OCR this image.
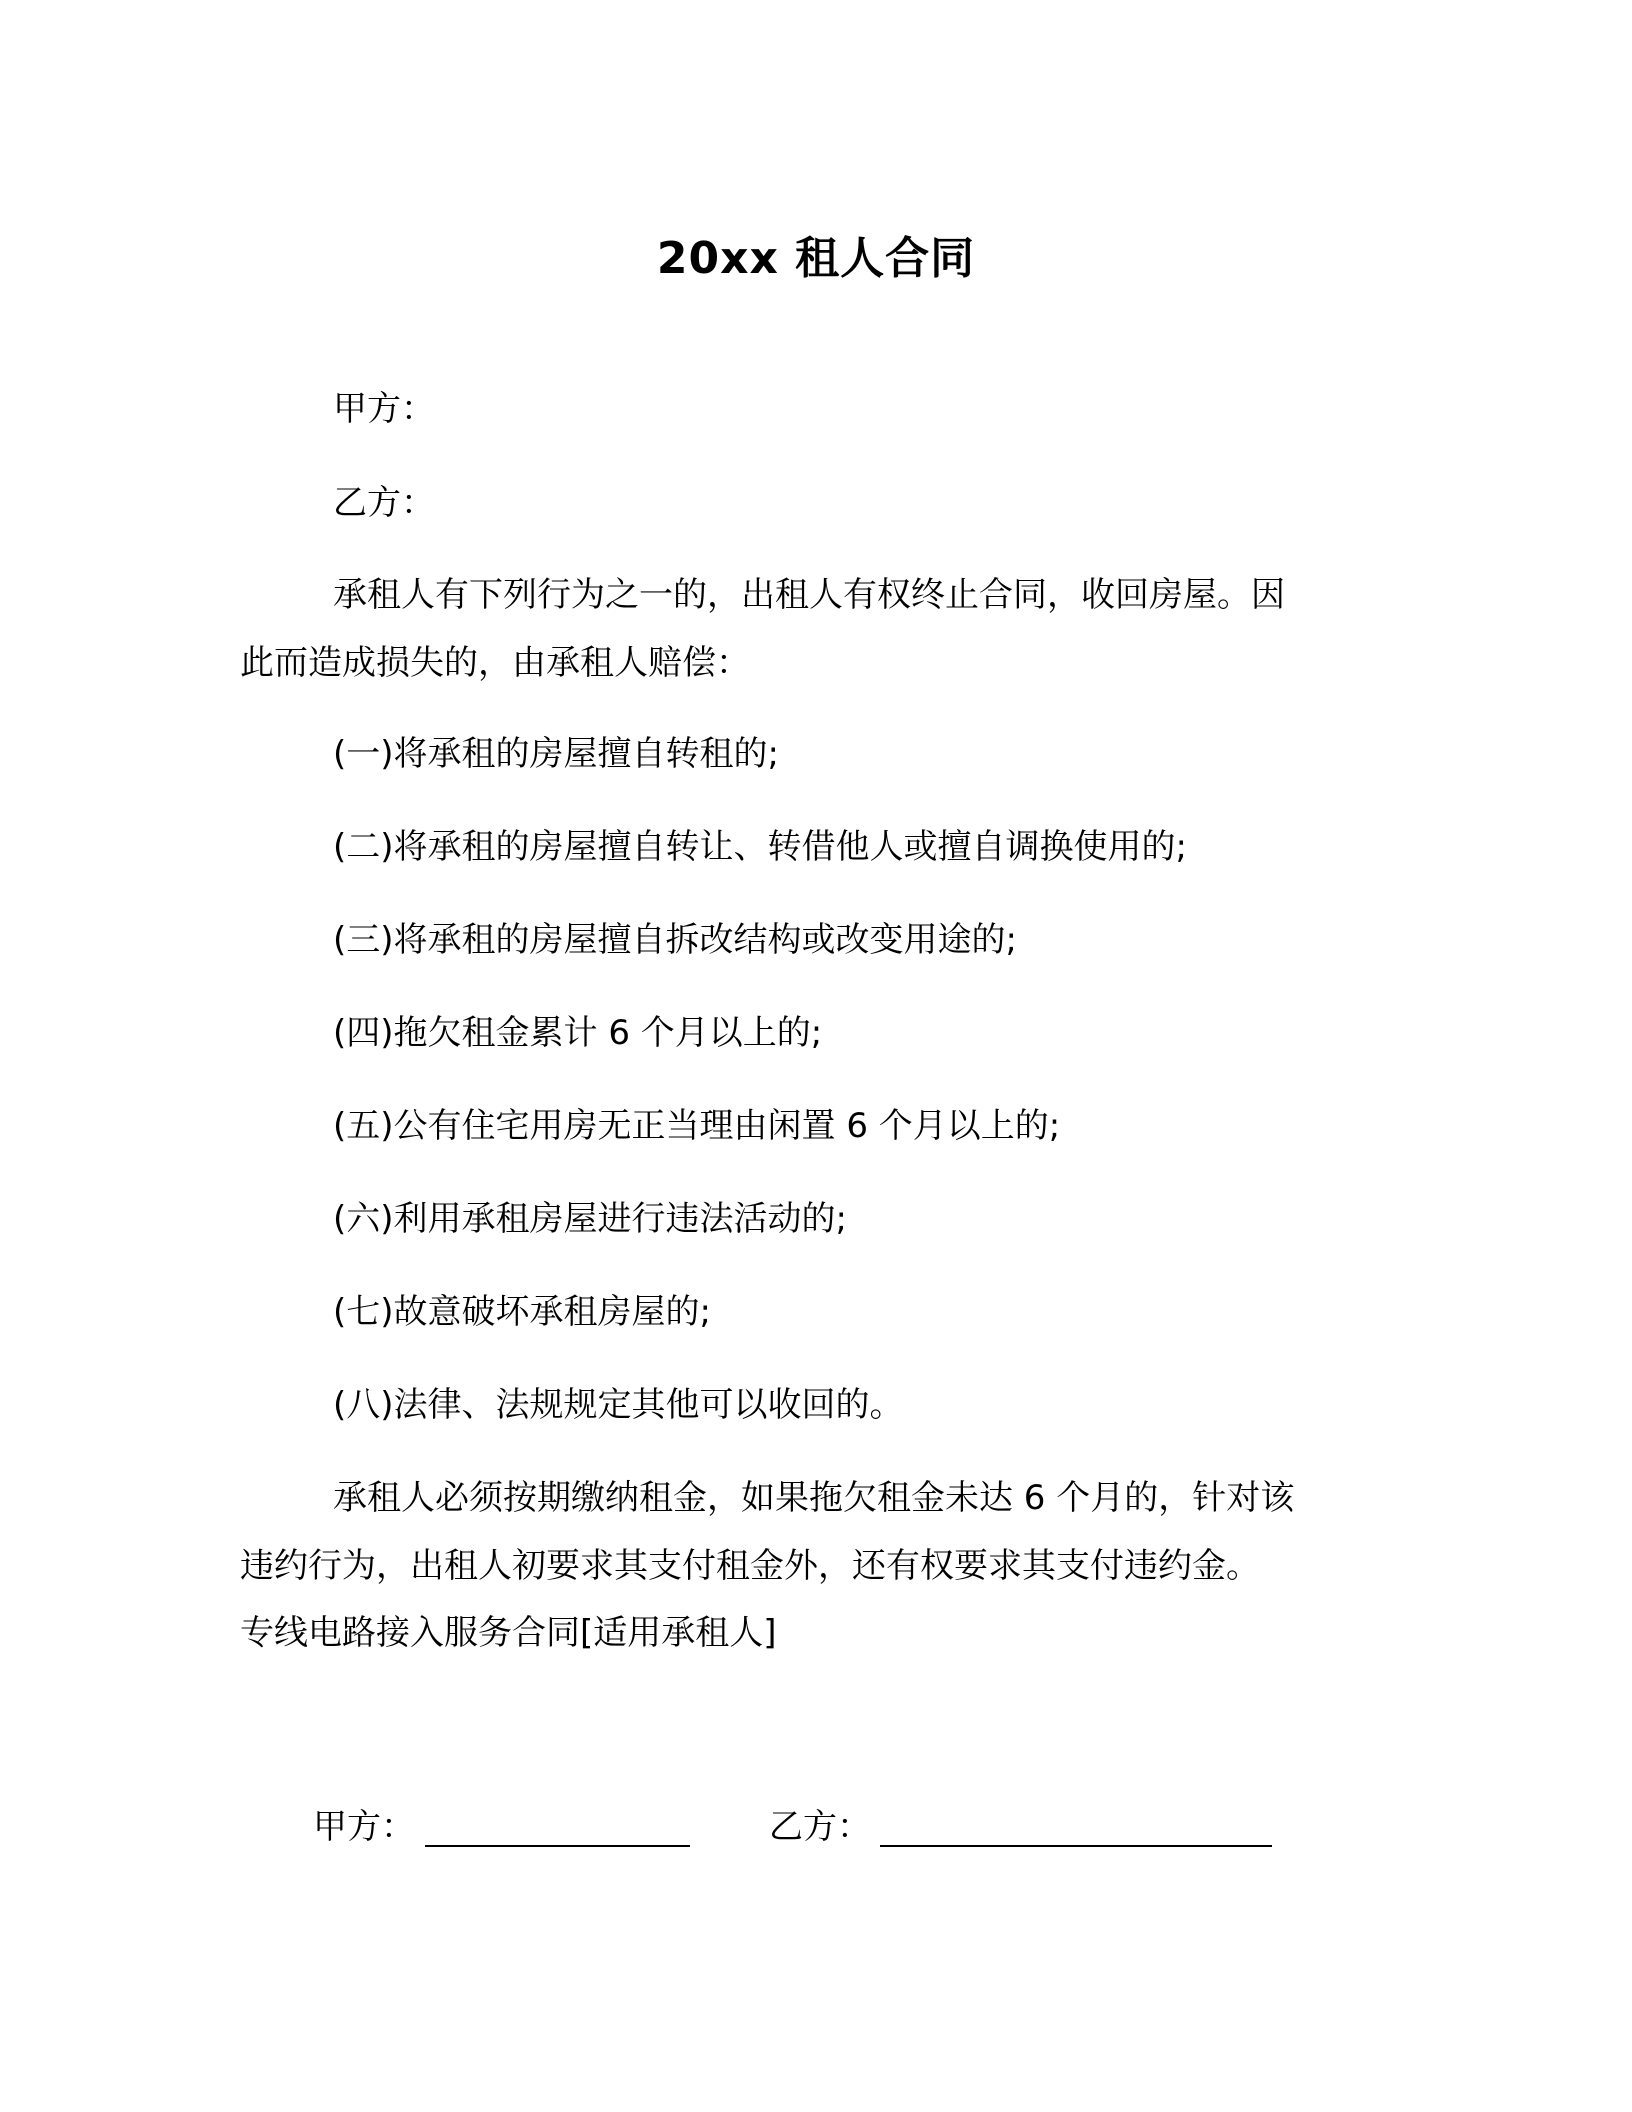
20xx 租人合同
甲方：
乙方：
承租人有下列行为之一的，出租人有权终止合同，收回房屋。因
此而造成损失的，由承租人赔偿：
(一)将承租的房屋擅自转租的;
(二)将承租的房屋擅自转让、转借他人或擅自调换使用的;
(三)将承租的房屋擅自拆改结构或改变用途的;
(四)拖欠租金累计 6 个月以上的;
(五)公有住宅用房无正当理由闲置 6 个月以上的;
(六)利用承租房屋进行违法活动的;
(七)故意破坏承租房屋的;
(八)法律、法规规定其他可以收回的。
承租人必须按期缴纳租金，如果拖欠租金未达 6 个月的，针对该
违约行为，出租人初要求其支付租金外，还有权要求其支付违约金。
专线电路接入服务合同[适用承租人]
甲方：	乙方：
